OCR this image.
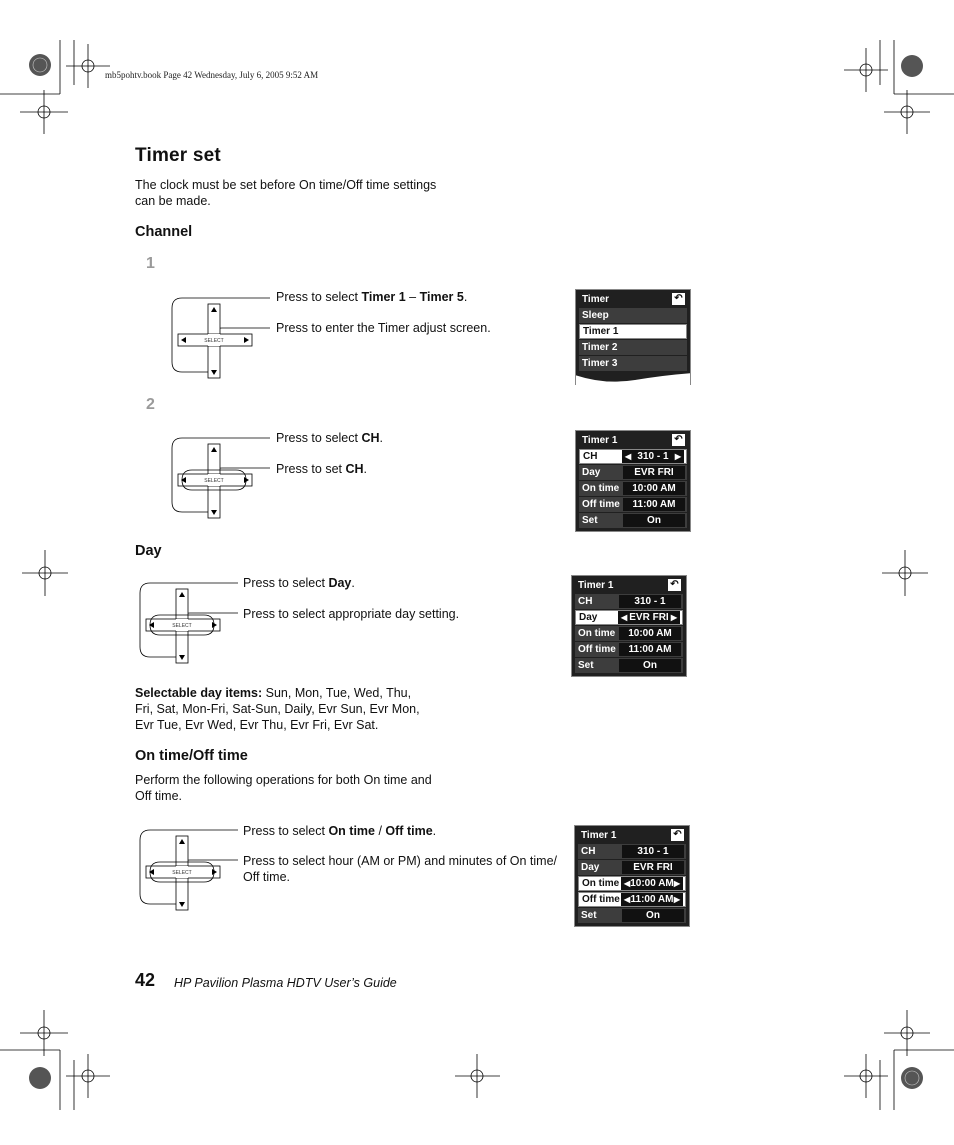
mb5pohtv.book Page 42 Wednesday, July 6, 2005 9:52 AM
Timer set
The clock must be set before On time/Off time settings
can be made.
Channel
1
SELECT
Press to select Timer 1 – Timer 5.
Press to enter the Timer adjust screen.
Timer	↶
Sleep
Timer 1
Timer 2
Timer 3
2
SELECT
Press to select CH.
Press to set CH.
Timer 1	↶
CH	◀ 310 - 1 ▶
Day	EVR FRI
On time	10:00 AM
Off time	11:00 AM
Set	On
Day
SELECT
Press to select Day.
Press to select appropriate day setting.
Timer 1	↶
CH	310 - 1
Day	◀ EVR FRI ▶
On time	10:00 AM
Off time	11:00 AM
Set	On
Selectable day items: Sun, Mon, Tue, Wed, Thu,
Fri, Sat, Mon-Fri, Sat-Sun, Daily, Evr Sun, Evr Mon,
Evr Tue, Evr Wed, Evr Thu, Evr Fri, Evr Sat.
On time/Off time
Perform the following operations for both On time and
Off time.
SELECT
Press to select On time / Off time.
Press to select hour (AM or PM) and minutes of On time/
Off time.
Timer 1	↶
CH	310 - 1
Day	EVR FRI
On time ◀ 10:00 AM ▶
Off time ◀ 11:00 AM ▶
Set	On
42 HP Pavilion Plasma HDTV User’s Guide
